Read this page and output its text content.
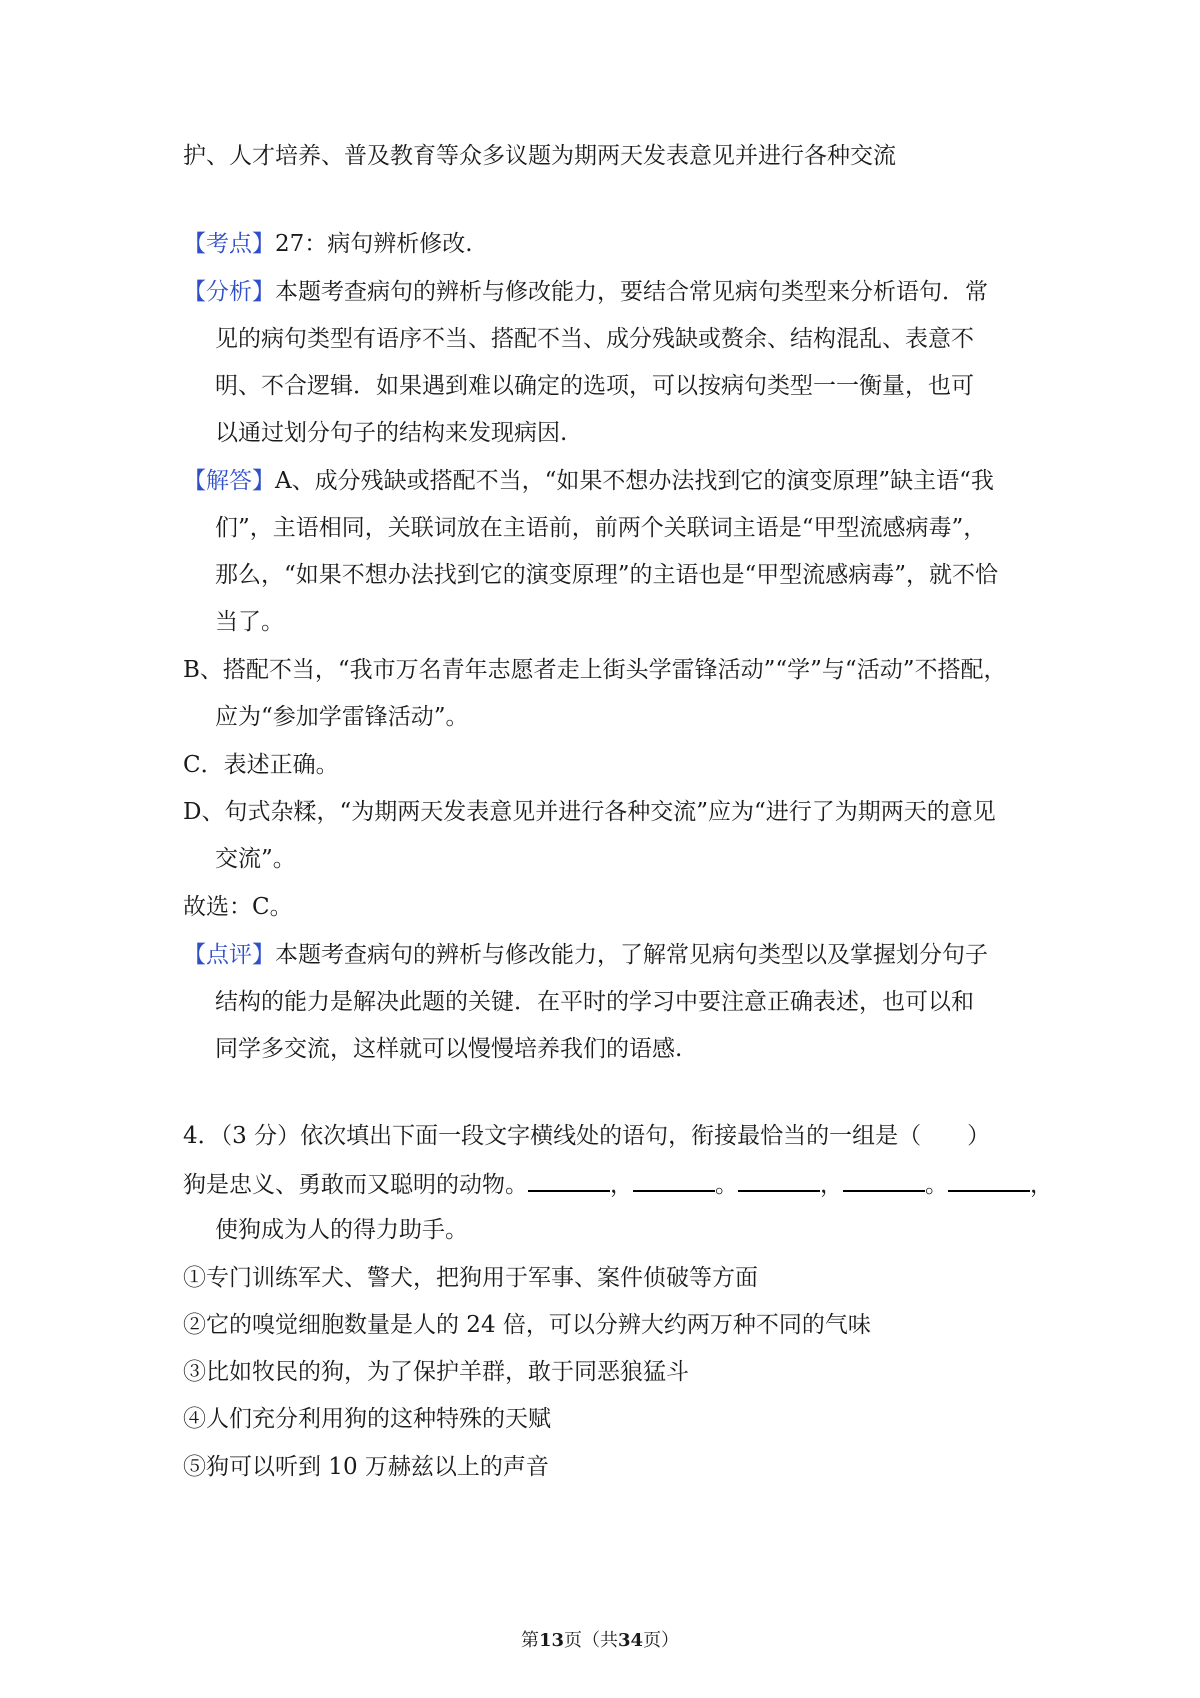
护、人才培养、普及教育等众多议题为期两天发表意见并进行各种交流
【考点】27：病句辨析修改.
【分析】本题考查病句的辨析与修改能力，要结合常见病句类型来分析语句．常
见的病句类型有语序不当、搭配不当、成分残缺或赘余、结构混乱、表意不
明、不合逻辑．如果遇到难以确定的选项，可以按病句类型一一衡量，也可
以通过划分句子的结构来发现病因.
【解答】A、成分残缺或搭配不当，“如果不想办法找到它的演变原理”缺主语“我
们”，主语相同，关联词放在主语前，前两个关联词主语是“甲型流感病毒”，
那么，“如果不想办法找到它的演变原理”的主语也是“甲型流感病毒”，就不恰
当了。
B、搭配不当，“我市万名青年志愿者走上街头学雷锋活动”“学”与“活动”不搭配，
应为“参加学雷锋活动”。
C．表述正确。
D、句式杂糅，“为期两天发表意见并进行各种交流”应为“进行了为期两天的意见
交流”。
故选：C。
【点评】本题考查病句的辨析与修改能力，了解常见病句类型以及掌握划分句子
结构的能力是解决此题的关键．在平时的学习中要注意正确表述，也可以和
同学多交流，这样就可以慢慢培养我们的语感.
4．（3 分）依次填出下面一段文字横线处的语句，衔接最恰当的一组是（　　）
狗是忠义、勇敢而又聪明的动物。	，	。	，	。	，
使狗成为人的得力助手。
①专门训练军犬、警犬，把狗用于军事、案件侦破等方面
②它的嗅觉细胞数量是人的 24 倍，可以分辨大约两万种不同的气味
③比如牧民的狗，为了保护羊群，敢于同恶狼猛斗
④人们充分利用狗的这种特殊的天赋
⑤狗可以听到 10 万赫兹以上的声音
第13页（共34页）
